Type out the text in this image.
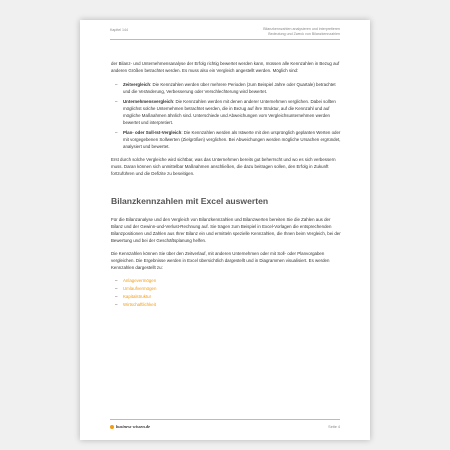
Kapitel 144	Bilanzkennzahlen analysieren und interpretieren
Bedeutung und Zweck von Bilanzkennzahlen

der Bilanz- und Unternehmensanalyse der Erfolg richtig bewertet werden kann, müssen alle Kennzahlen in Bezug auf anderen Größen betrachtet werden. Es muss also ein Vergleich angestellt werden. Möglich sind:

– Zeitvergleich: Die Kennzahlen werden über mehrere Perioden (zum Beispiel Jahre oder Quartale) betrachtet und die Veränderung, Verbesserung oder Verschlechterung wird bewertet.
– Unternehmensvergleich: Die Kennzahlen werden mit denen anderer Unternehmen verglichen. Dabei sollten möglichst solche Unternehmen betrachtet werden, die in Bezug auf ihre Struktur, auf die Kennzahl und auf mögliche Maßnahmen ähnlich sind. Unterschiede und Abweichungen vom Vergleichsunternehmen werden bewertet und interpretiert.
– Plan- oder Soll-Ist-Vergleich: Die Kennzahlen werden als Istwerte mit den ursprünglich geplanten Werten oder mit vorgegebenen Sollwerten (Zielgrößen) verglichen. Bei Abweichungen werden mögliche Ursachen ergründet, analysiert und bewertet.

Erst durch solche Vergleiche wird sichtbar, was das Unternehmen bereits gut beherrscht und wo es sich verbessern muss. Daran können sich unmittelbar Maßnahmen anschließen, die dazu beitragen sollen, den Erfolg in Zukunft fortzuführen und die Defizite zu beseitigen.

Bilanzkennzahlen mit Excel auswerten

Für die Bilanzanalyse und den Vergleich von Bilanzkennzahlen und Bilanzwerten bereiten Sie die Zahlen aus der Bilanz und der Gewinn-und-Verlust-Rechnung auf. Sie tragen zum Beispiel in Excel-Vorlagen die entsprechenden Bilanzpositionen und Zahlen aus Ihrer Bilanz ein und ermitteln spezielle Kennzahlen, die Ihnen beim Vergleich, bei der Bewertung und bei der Geschäftsplanung helfen.

Die Kennzahlen können Sie über den Zeitverlauf, mit anderen Unternehmen oder mit Soll- oder Planvorgaben vergleichen. Die Ergebnisse werden in Excel übersichtlich dargestellt und in Diagrammen visualisiert. Es werden Kennzahlen dargestellt zu:

– Anlagevermögen
– Umlaufvermögen
– Kapitalstruktur
– Wirtschaftlichkeit
business-wissen.de	Seite 4
